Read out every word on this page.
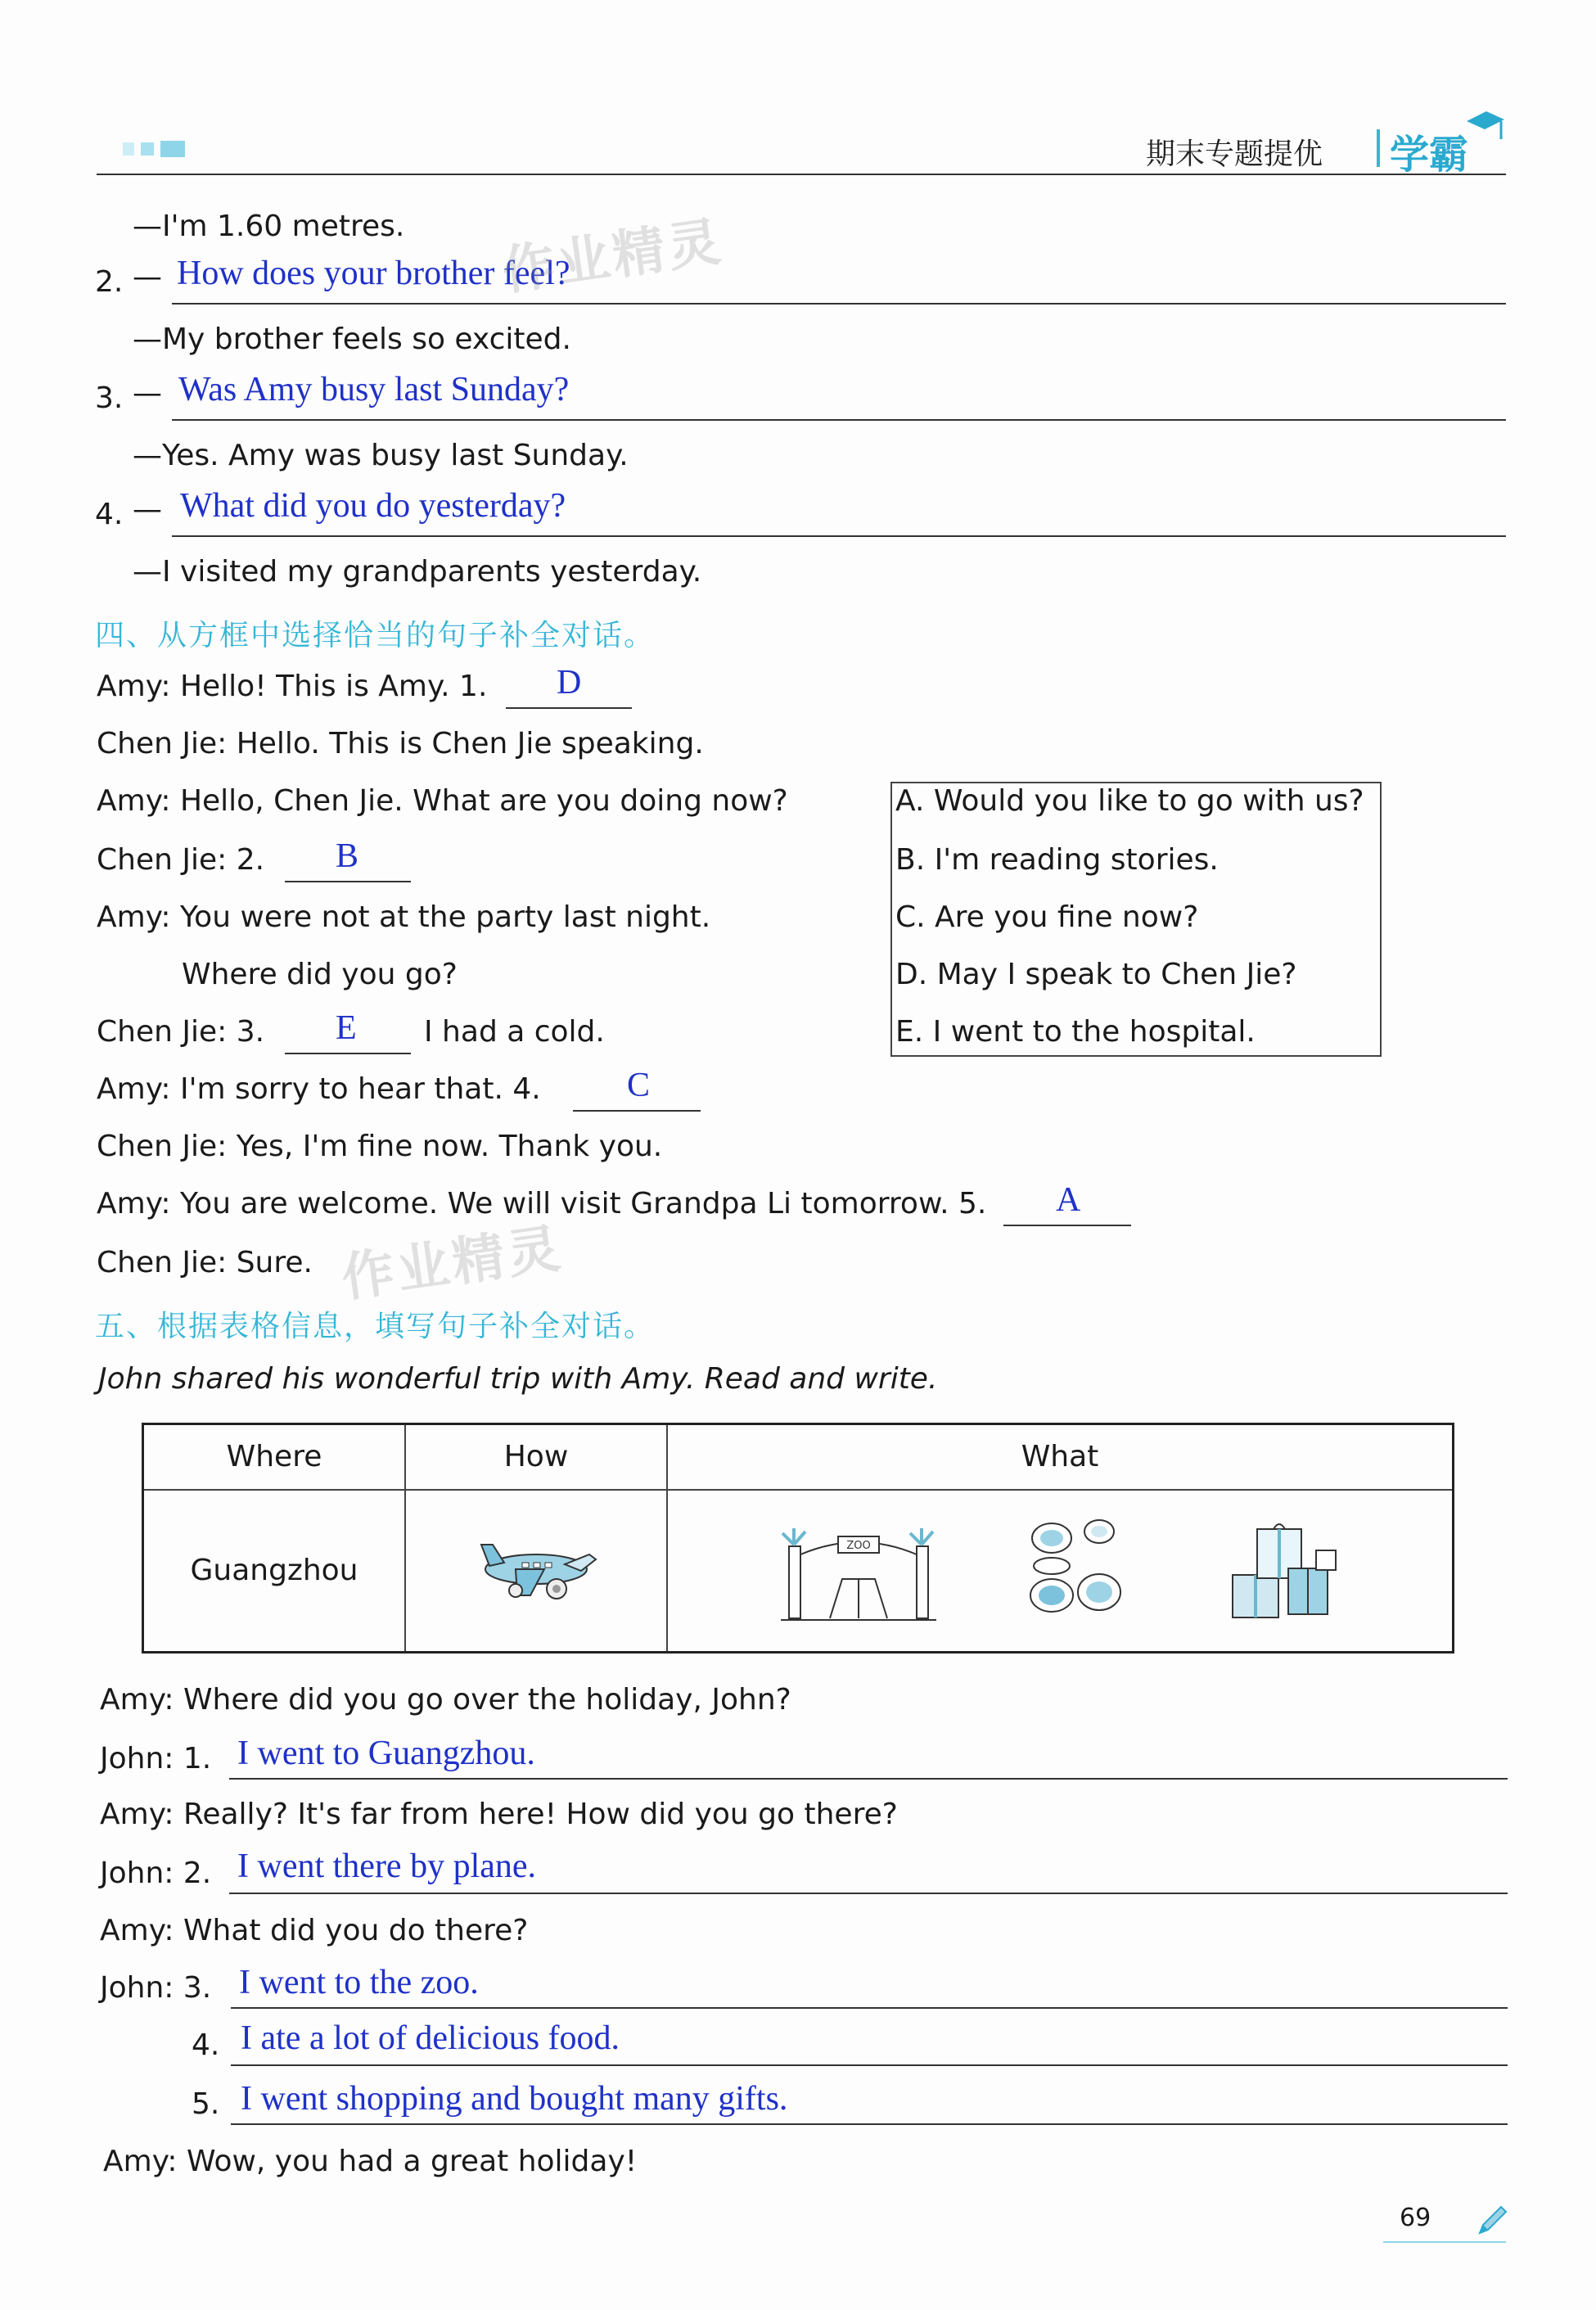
期末专题提优 学霸
—I'm 1.60 metres.
2. — How does your brother feel?
—My brother feels so excited.
3. — Was Amy busy last Sunday?
—Yes. Amy was busy last Sunday.
4. — What did you do yesterday?
—I visited my grandparents yesterday.
作业精灵
四、从方框中选择恰当的句子补全对话。
Amy: Hello! This is Amy. 1. D
Chen Jie: Hello. This is Chen Jie speaking.
Amy: Hello, Chen Jie. What are you doing now?
Chen Jie: 2. B
Amy: You were not at the party last night.
Where did you go?
Chen Jie: 3. E I had a cold.
Amy: I'm sorry to hear that. 4.	C
Chen Jie: Yes, I'm fine now. Thank you.
Amy: You are welcome. We will visit Grandpa Li tomorrow. 5. A
Chen Jie: Sure. 作业精灵
A. Would you like to go with us?
B. I'm reading stories.
C. Are you fine now?
D. May I speak to Chen Jie?
E. I went to the hospital.
五、根据表格信息，填写句子补全对话。
John shared his wonderful trip with Amy. Read and write.
Where	How	What
Guangzhou		ZOO

Amy: Where did you go over the holiday, John?
John: 1. I went to Guangzhou.
Amy: Really? It's far from here! How did you go there?
John: 2. I went there by plane.
Amy: What did you do there?
John: 3. I went to the zoo.
4. I ate a lot of delicious food.
5. I went shopping and bought many gifts.
Amy: Wow, you had a great holiday!
69
